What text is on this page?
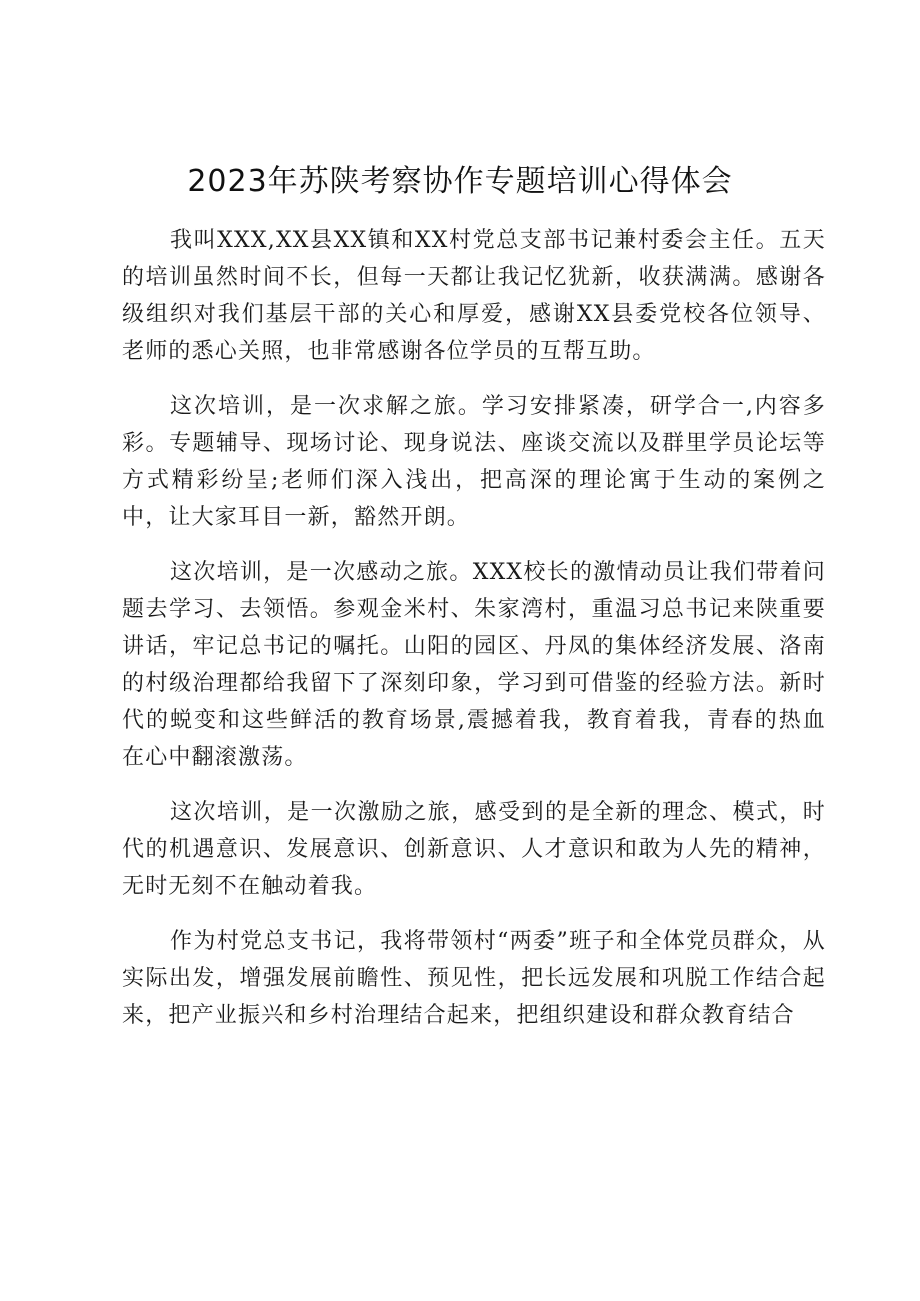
2023年苏陕考察协作专题培训心得体会

我叫XXX,XX县XX镇和XX村党总支部书记兼村委会主任。五天的培训虽然时间不长，但每一天都让我记忆犹新，收获满满。感谢各级组织对我们基层干部的关心和厚爱，感谢XX县委党校各位领导、老师的悉心关照，也非常感谢各位学员的互帮互助。

这次培训，是一次求解之旅。学习安排紧凑，研学合一,内容多彩。专题辅导、现场讨论、现身说法、座谈交流以及群里学员论坛等方式精彩纷呈;老师们深入浅出，把高深的理论寓于生动的案例之中，让大家耳目一新，豁然开朗。

这次培训，是一次感动之旅。XXX校长的激情动员让我们带着问题去学习、去领悟。参观金米村、朱家湾村，重温习总书记来陕重要讲话，牢记总书记的嘱托。山阳的园区、丹凤的集体经济发展、洛南的村级治理都给我留下了深刻印象，学习到可借鉴的经验方法。新时代的蜕变和这些鲜活的教育场景,震撼着我，教育着我，青春的热血在心中翻滚激荡。

这次培训，是一次激励之旅，感受到的是全新的理念、模式，时代的机遇意识、发展意识、创新意识、人才意识和敢为人先的精神，无时无刻不在触动着我。

作为村党总支书记，我将带领村“两委”班子和全体党员群众，从实际出发，增强发展前瞻性、预见性，把长远发展和巩脱工作结合起来，把产业振兴和乡村治理结合起来，把组织建设和群众教育结合
